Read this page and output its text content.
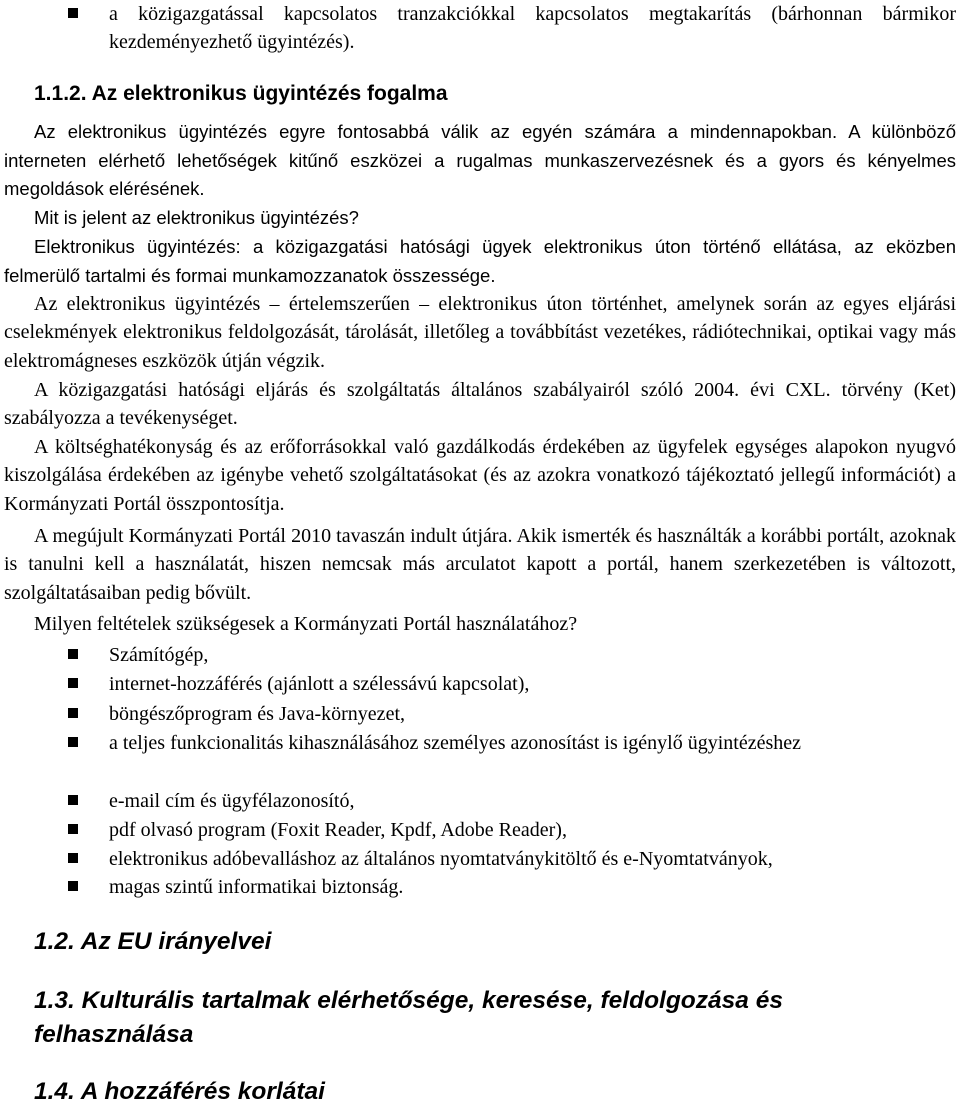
a közigazgatással kapcsolatos tranzakciókkal kapcsolatos megtakarítás (bárhonnan bármikor kezdeményezhető ügyintézés).
1.1.2. Az elektronikus ügyintézés fogalma

Az elektronikus ügyintézés egyre fontosabbá válik az egyén számára a mindennapokban. A különböző interneten elérhető lehetőségek kitűnő eszközei a rugalmas munkaszervezésnek és a gyors és kényelmes megoldások elérésének.

Mit is jelent az elektronikus ügyintézés?

Elektronikus ügyintézés: a közigazgatási hatósági ügyek elektronikus úton történő ellátása, az eközben felmerülő tartalmi és formai munkamozzanatok összessége.

Az elektronikus ügyintézés – értelemszerűen – elektronikus úton történhet, amelynek során az egyes eljárási cselekmények elektronikus feldolgozását, tárolását, illetőleg a továbbítást vezetékes, rádiótechnikai, optikai vagy más elektromágneses eszközök útján végzik.

A közigazgatási hatósági eljárás és szolgáltatás általános szabályairól szóló 2004. évi CXL. törvény (Ket) szabályozza a tevékenységet.

A költséghatékonyság és az erőforrásokkal való gazdálkodás érdekében az ügyfelek egységes alapokon nyugvó kiszolgálása érdekében az igénybe vehető szolgáltatásokat (és az azokra vonatkozó tájékoztató jellegű információt) a Kormányzati Portál összpontosítja.

A megújult Kormányzati Portál 2010 tavaszán indult útjára. Akik ismerték és használták a korábbi portált, azoknak is tanulni kell a használatát, hiszen nemcsak más arculatot kapott a portál, hanem szerkezetében is változott, szolgáltatásaiban pedig bővült.

Milyen feltételek szükségesek a Kormányzati Portál használatához?

Számítógép,
internet-hozzáférés (ajánlott a szélessávú kapcsolat),
böngészőprogram és Java-környezet,
a teljes funkcionalitás kihasználásához személyes azonosítást is igénylő ügyintézéshez
e-mail cím és ügyfélazonosító,
pdf olvasó program (Foxit Reader, Kpdf, Adobe Reader),
elektronikus adóbevalláshoz az általános nyomtatványkitöltő és e-Nyomtatványok,
magas szintű informatikai biztonság.
1.2. Az EU irányelvei
1.3. Kulturális tartalmak elérhetősége, keresése, feldolgozása és felhasználása
1.4. A hozzáférés korlátai
